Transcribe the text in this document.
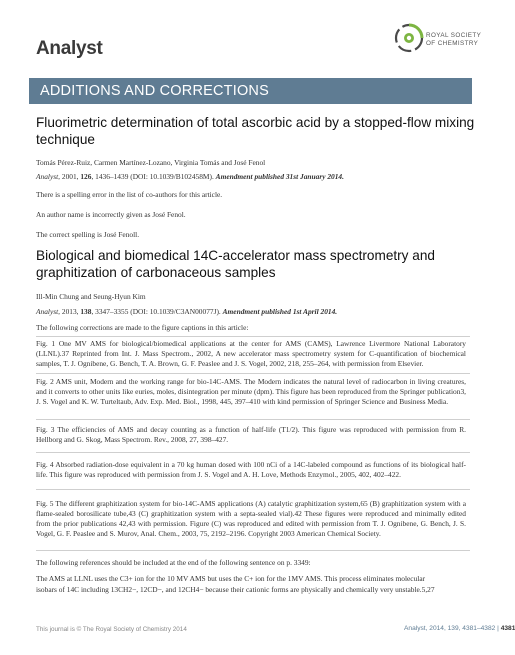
Analyst
ROYAL SOCIETY
OF CHEMISTRY
ADDITIONS AND CORRECTIONS
Fluorimetric determination of total ascorbic acid by a stopped-flow mixing technique
Tomás Pérez-Ruiz, Carmen Martínez-Lozano, Virginia Tomás and José Fenol
Analyst, 2001, 126, 1436–1439 (DOI: 10.1039/B102458M). Amendment published 31st January 2014.
There is a spelling error in the list of co-authors for this article.
An author name is incorrectly given as José Fenol.
The correct spelling is José Fenoll.
Biological and biomedical 14C-accelerator mass spectrometry and graphitization of carbonaceous samples
Ill-Min Chung and Seung-Hyun Kim
Analyst, 2013, 138, 3347–3355 (DOI: 10.1039/C3AN00077J). Amendment published 1st April 2014.
The following corrections are made to the figure captions in this article:
Fig. 1 One MV AMS for biological/biomedical applications at the center for AMS (CAMS), Lawrence Livermore National Laboratory (LLNL).37 Reprinted from Int. J. Mass Spectrom., 2002, A new accelerator mass spectrometry system for C-quantification of biochemical samples, T. J. Ognibene, G. Bench, T. A. Brown, G. F. Peaslee and J. S. Vogel, 2002, 218, 255–264, with permission from Elsevier.
Fig. 2 AMS unit, Modern and the working range for bio-14C-AMS. The Modern indicates the natural level of radiocarbon in living creatures, and it converts to other units like euries, moles, disintegration per minute (dpm). This figure has been reproduced from the Springer publication3, J. S. Vogel and K. W. Turteltaub, Adv. Exp. Med. Biol., 1998, 445, 397–410 with kind permission of Springer Science and Business Media.
Fig. 3 The efficiencies of AMS and decay counting as a function of half-life (T1/2). This figure was reproduced with permission from R. Hellborg and G. Skog, Mass Spectrom. Rev., 2008, 27, 398–427.
Fig. 4 Absorbed radiation-dose equivalent in a 70 kg human dosed with 100 nCi of a 14C-labeled compound as functions of its biological half-life. This figure was reproduced with permission from J. S. Vogel and A. H. Love, Methods Enzymol., 2005, 402, 402–422.
Fig. 5 The different graphitization system for bio-14C-AMS applications (A) catalytic graphitization system,65 (B) graphitization system with a flame-sealed borosilicate tube,43 (C) graphitization system with a septa-sealed vial).42 These figures were reproduced and minimally edited from the prior publications 42,43 with permission. Figure (C) was reproduced and edited with permission from T. J. Ognibene, G. Bench, J. S. Vogel, G. F. Peaslee and S. Murov, Anal. Chem., 2003, 75, 2192–2196. Copyright 2003 American Chemical Society.
The following references should be included at the end of the following sentence on p. 3349:
The AMS at LLNL uses the C3+ ion for the 10 MV AMS but uses the C+ ion for the 1MV AMS. This process eliminates molecular
isobars of 14C including 13CH2−, 12CD−, and 12CH4− because their cationic forms are physically and chemically very unstable.5,27
This journal is © The Royal Society of Chemistry 2014	Analyst, 2014, 139, 4381–4382 | 4381
